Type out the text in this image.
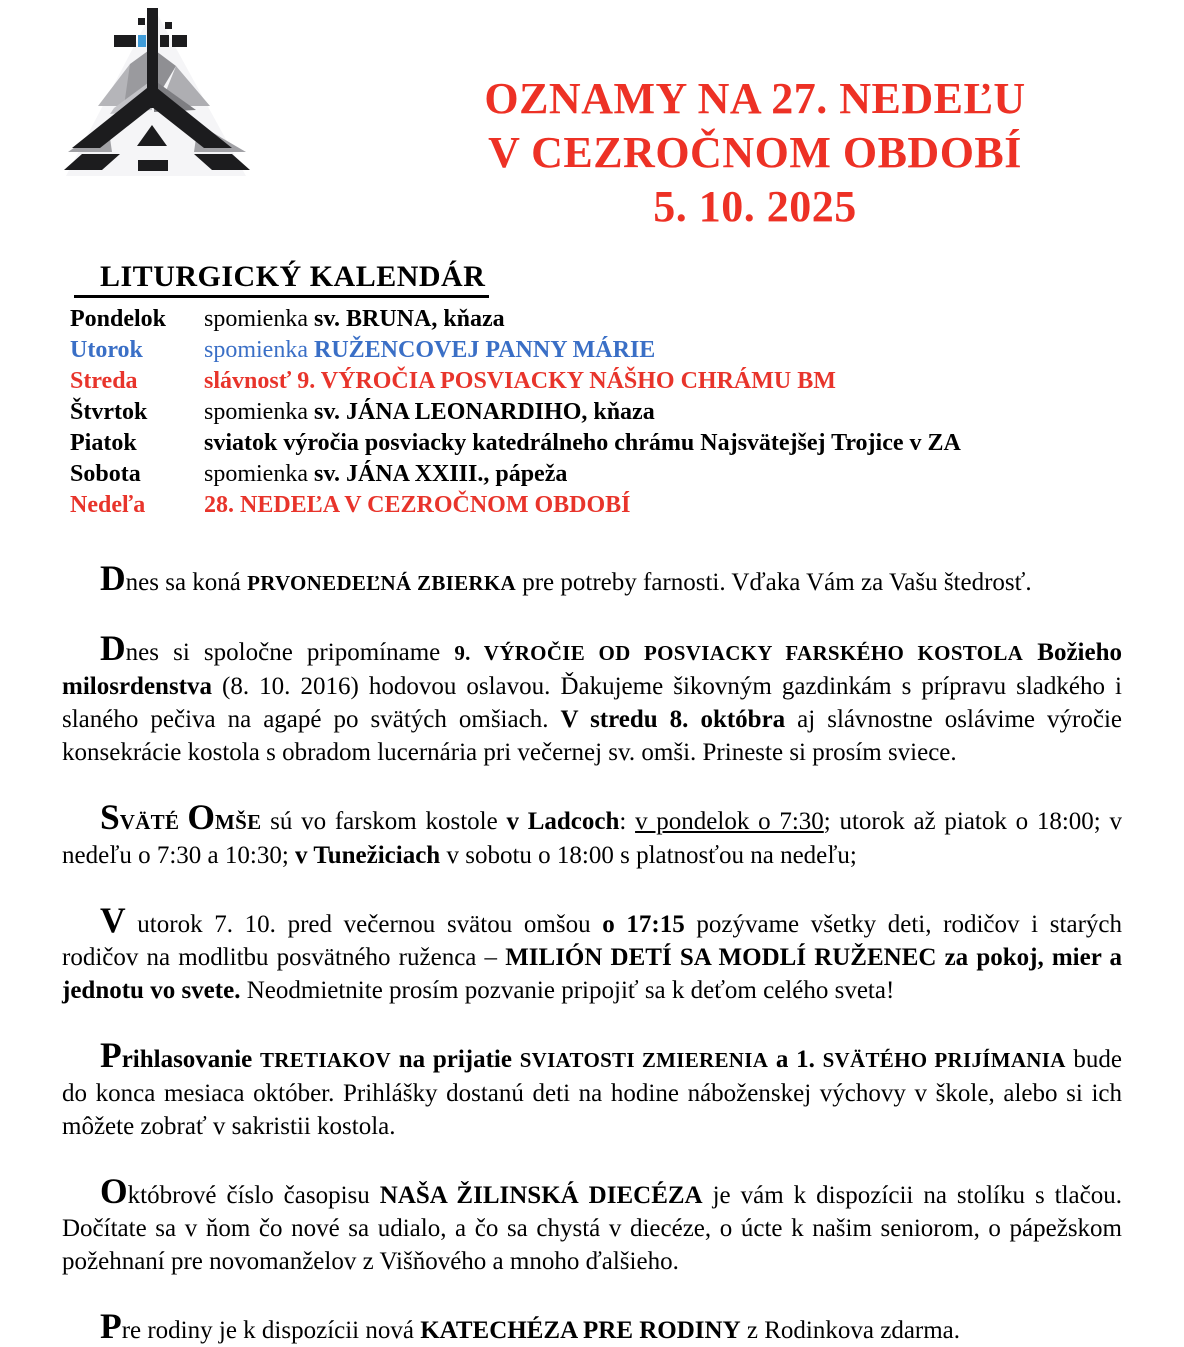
OZNAMY NA 27. NEDEĽU
V CEZROČNOM OBDOBÍ
5. 10. 2025
LITURGICKÝ KALENDÁR
Pondelok spomienka sv. BRUNA, kňaza
Utorok	spomienka RUŽENCOVEJ PANNY MÁRIE
Streda	slávnosť 9. VÝROČIA POSVIACKY NÁŠHO CHRÁMU BM
Štvrtok spomienka sv. JÁNA LEONARDIHO, kňaza
Piatok	sviatok výročia posviacky katedrálneho chrámu Najsvätejšej Trojice v ZA
Sobota	spomienka sv. JÁNA XXIII., pápeža
Nedeľa 28. NEDEĽA V CEZROČNOM OBDOBÍ

Dnes sa koná PRVONEDEĽNÁ ZBIERKA pre potreby farnosti. Vďaka Vám za Vašu štedrosť.

Dnes si spoločne pripomíname 9. VÝROČIE OD POSVIACKY FARSKÉHO KOSTOLA Božieho milosrdenstva (8. 10. 2016) hodovou oslavou. Ďakujeme šikovným gazdinkám s prípravu sladkého i slaného pečiva na agapé po svätých omšiach. V stredu 8. októbra aj slávnostne oslávime výročie konsekrácie kostola s obradom lucernária pri večernej sv. omši. Prineste si prosím sviece.

SVÄTÉ OMŠE sú vo farskom kostole v Ladcoch: v pondelok o 7:30; utorok až piatok o 18:00; v nedeľu o 7:30 a 10:30; v Tunežiciach v sobotu o 18:00 s platnosťou na nedeľu;

V utorok 7. 10. pred večernou svätou omšou o 17:15 pozývame všetky deti, rodičov i starých rodičov na modlitbu posvätného ruženca – MILIÓN DETÍ SA MODLÍ RUŽENEC za pokoj, mier a jednotu vo svete. Neodmietnite prosím pozvanie pripojiť sa k deťom celého sveta!

Prihlasovanie TRETIAKOV na prijatie SVIATOSTI ZMIERENIA a 1. SVÄTÉHO PRIJÍMANIA bude do konca mesiaca október. Prihlášky dostanú deti na hodine náboženskej výchovy v škole, alebo si ich môžete zobrať v sakristii kostola.

Októbrové číslo časopisu NAŠA ŽILINSKÁ DIECÉZA je vám k dispozícii na stolíku s tlačou. Dočítate sa v ňom čo nové sa udialo, a čo sa chystá v diecéze, o úcte k našim seniorom, o pápežskom požehnaní pre novomanželov z Višňového a mnoho ďalšieho.

Pre rodiny je k dispozícii nová KATECHÉZA PRE RODINY z Rodinkova zdarma.
